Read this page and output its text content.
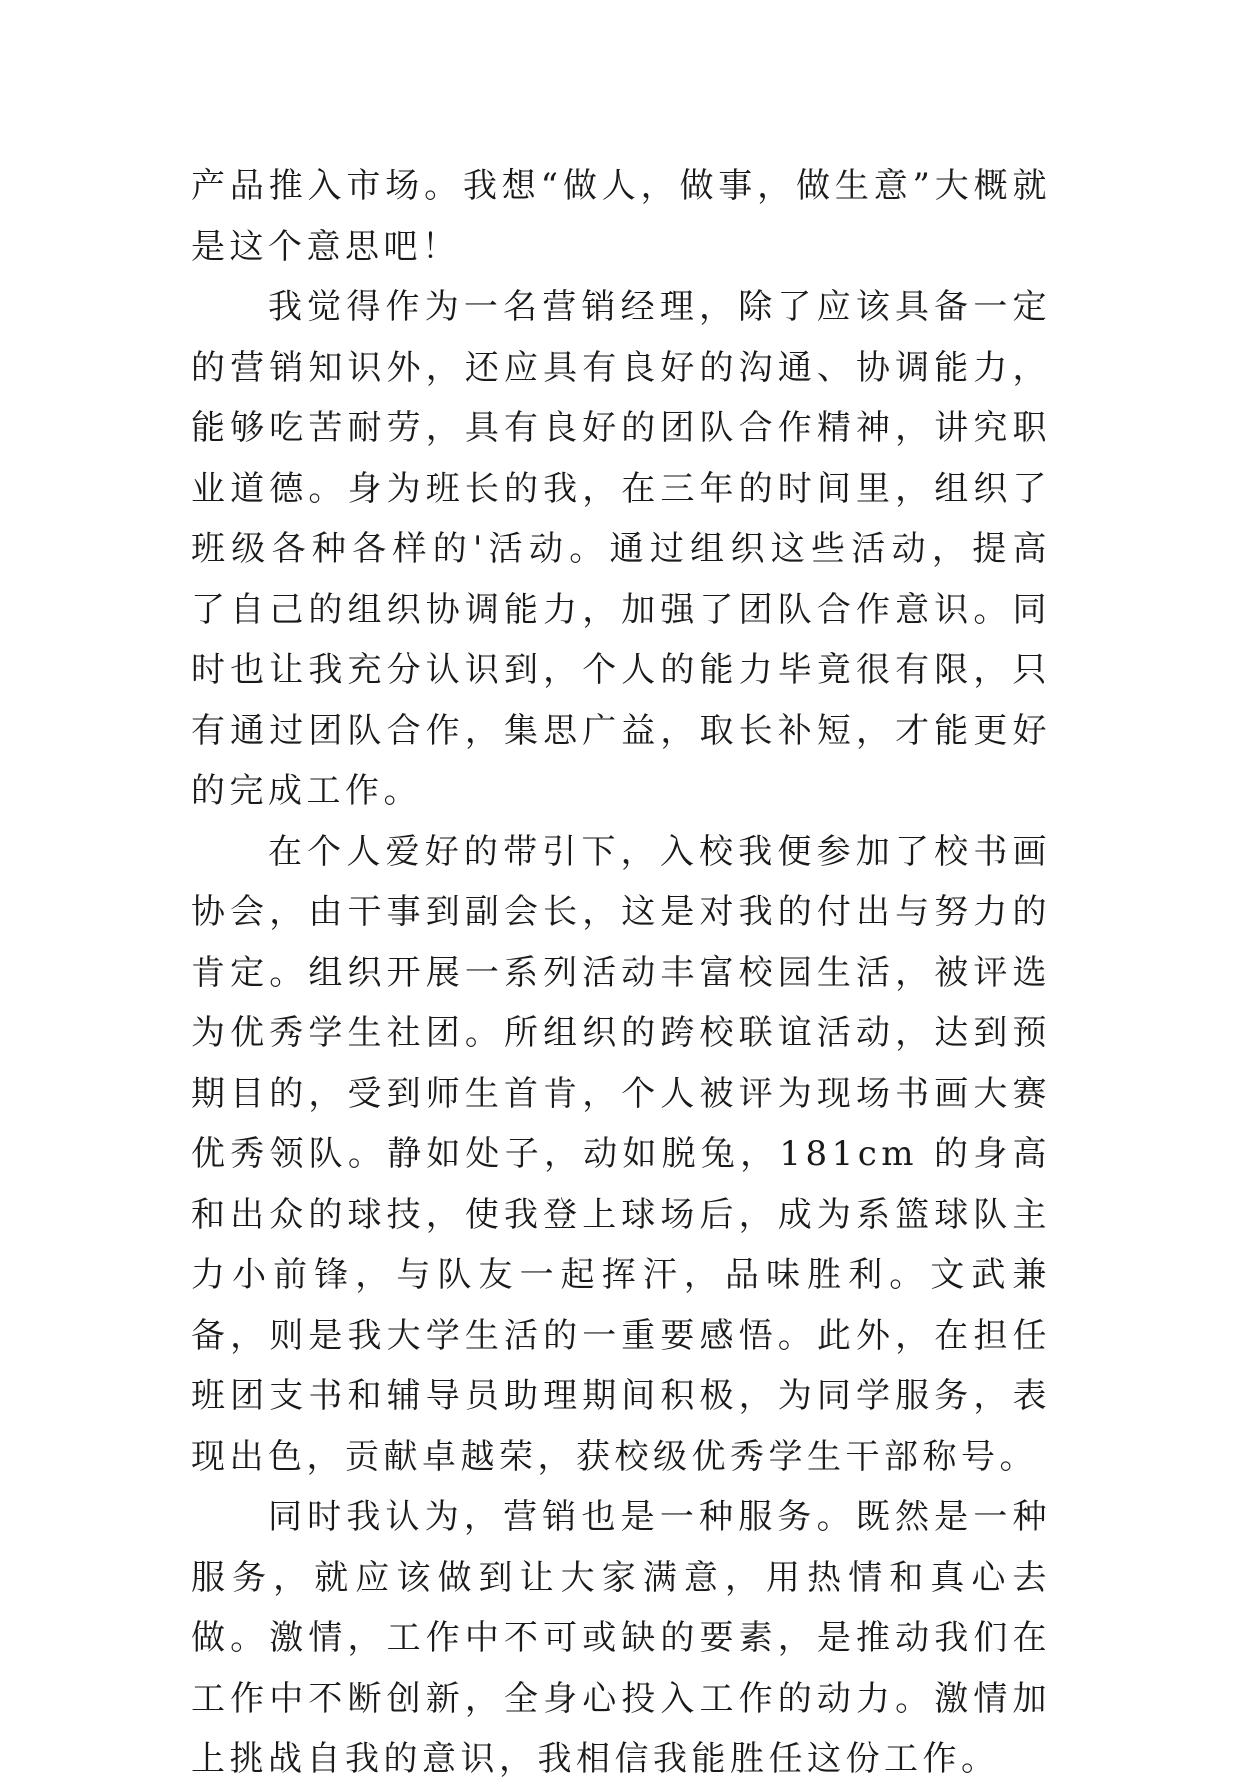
产品推入市场。我想“做人，做事，做生意”大概就是这个意思吧！

我觉得作为一名营销经理，除了应该具备一定的营销知识外，还应具有良好的沟通、协调能力，能够吃苦耐劳，具有良好的团队合作精神，讲究职业道德。身为班长的我，在三年的时间里，组织了班级各种各样的'活动。通过组织这些活动，提高了自己的组织协调能力，加强了团队合作意识。同时也让我充分认识到，个人的能力毕竟很有限，只有通过团队合作，集思广益，取长补短，才能更好的完成工作。

在个人爱好的带引下，入校我便参加了校书画协会，由干事到副会长，这是对我的付出与努力的肯定。组织开展一系列活动丰富校园生活，被评选为优秀学生社团。所组织的跨校联谊活动，达到预期目的，受到师生首肯，个人被评为现场书画大赛优秀领队。静如处子，动如脱兔，181cm 的身高和出众的球技，使我登上球场后，成为系篮球队主力小前锋，与队友一起挥汗，品味胜利。文武兼备，则是我大学生活的一重要感悟。此外，在担任班团支书和辅导员助理期间积极，为同学服务，表现出色，贡献卓越荣，获校级优秀学生干部称号。

同时我认为，营销也是一种服务。既然是一种服务，就应该做到让大家满意，用热情和真心去做。激情，工作中不可或缺的要素，是推动我们在工作中不断创新，全身心投入工作的动力。激情加上挑战自我的意识，我相信我能胜任这份工作。
